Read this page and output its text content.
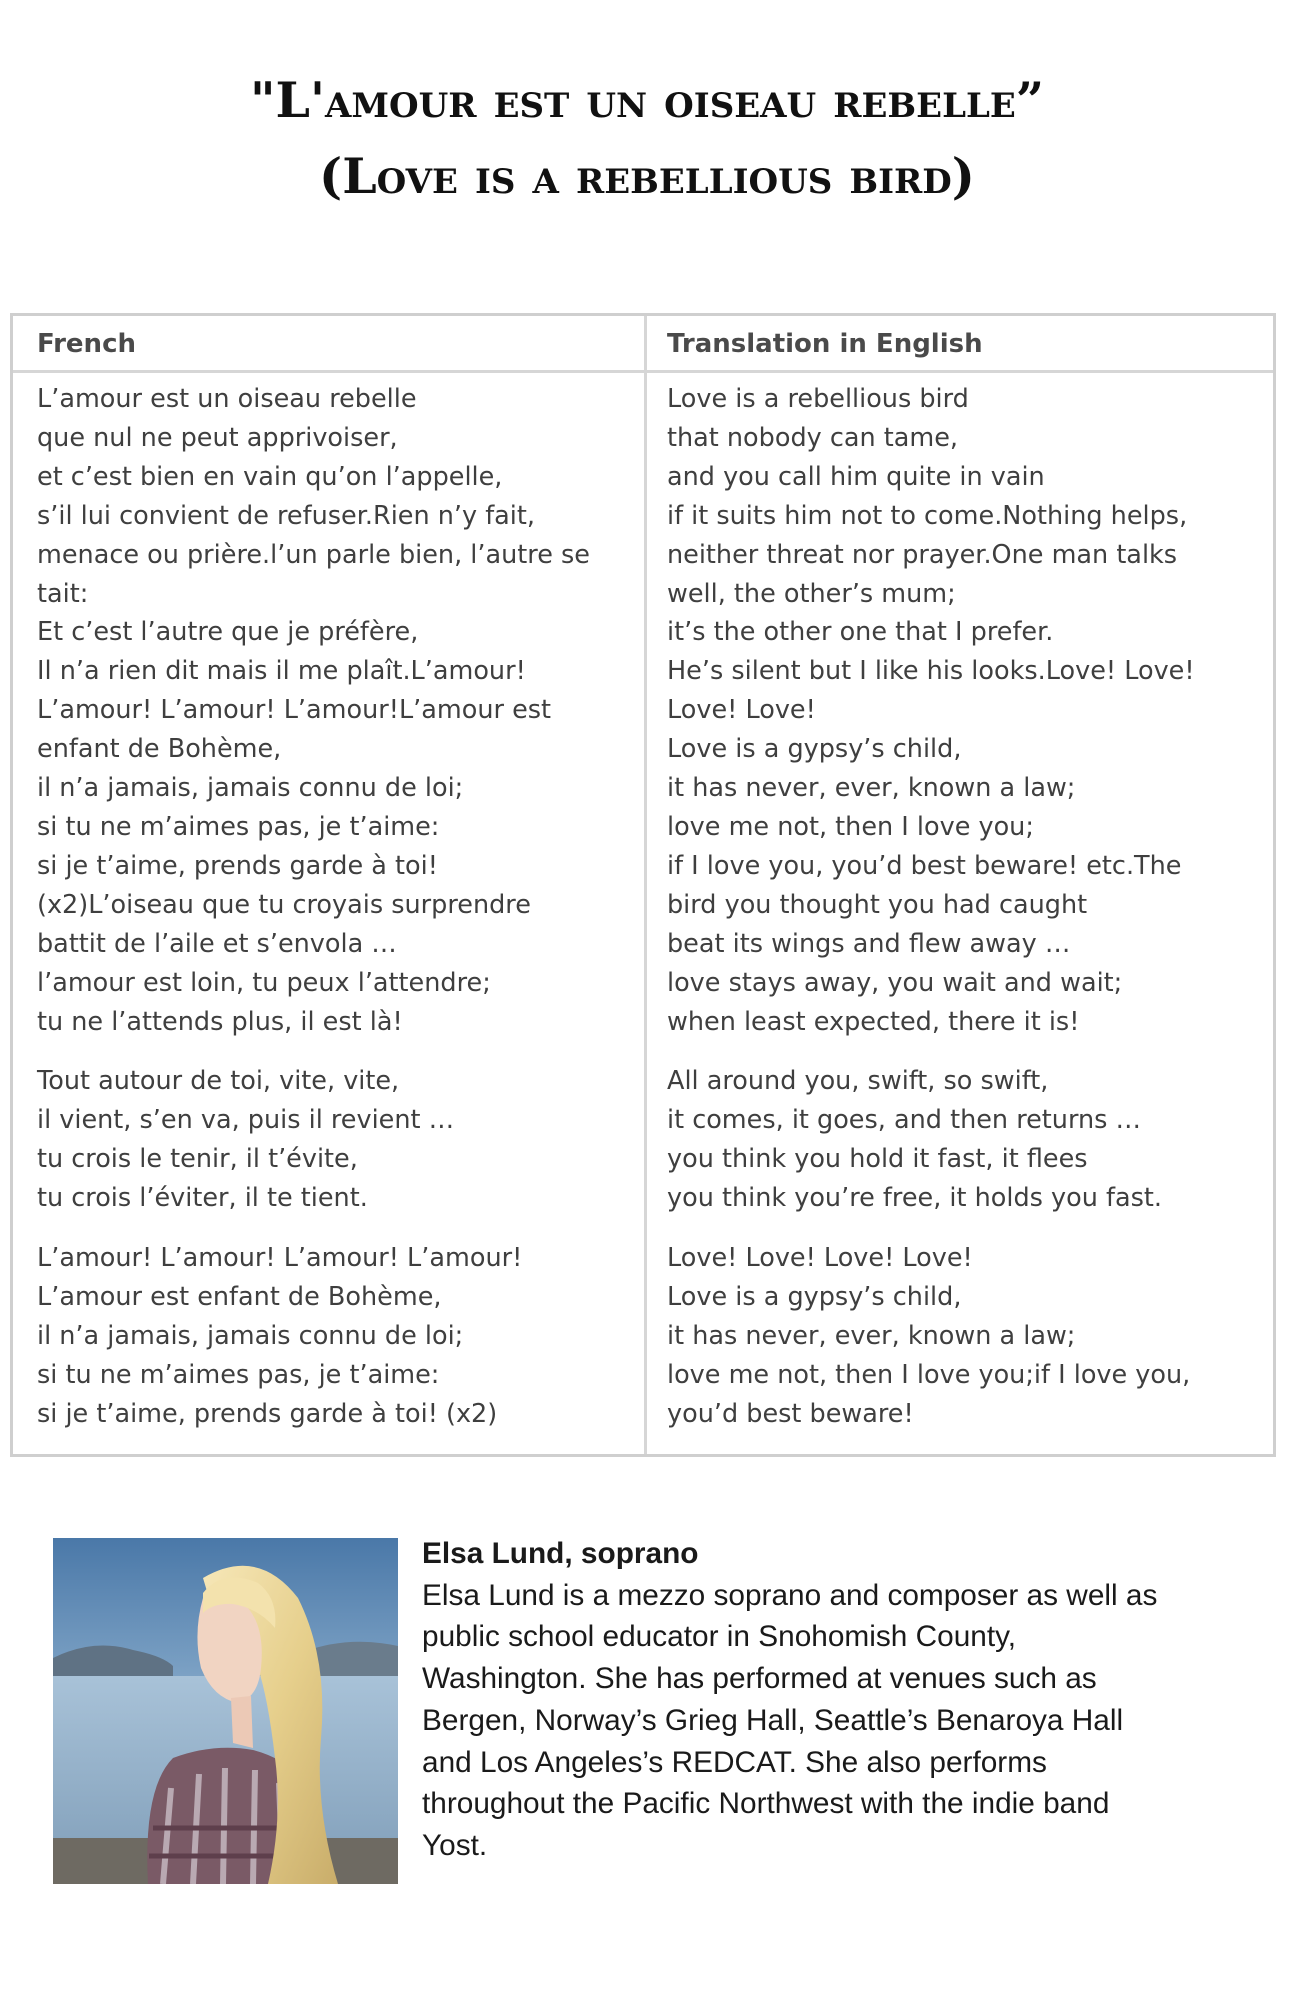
"L'amour est un oiseau rebelle”
(Love is a rebellious bird)
French	Translation in English
L’amour est un oiseau rebelle
que nul ne peut apprivoiser,
et c’est bien en vain qu’on l’appelle,
s’il lui convient de refuser.Rien n’y fait,
menace ou prière.l’un parle bien, l’autre se
tait:
Et c’est l’autre que je préfère,
Il n’a rien dit mais il me plaît.L’amour!
L’amour! L’amour! L’amour!L’amour est
enfant de Bohème,
il n’a jamais, jamais connu de loi;
si tu ne m’aimes pas, je t’aime:
si je t’aime, prends garde à toi!
(x2)L’oiseau que tu croyais surprendre
battit de l’aile et s’envola …
l’amour est loin, tu peux l’attendre;
tu ne l’attends plus, il est là!
Tout autour de toi, vite, vite,
il vient, s’en va, puis il revient …
tu crois le tenir, il t’évite,
tu crois l’éviter, il te tient.
L’amour! L’amour! L’amour! L’amour!
L’amour est enfant de Bohème,
il n’a jamais, jamais connu de loi;
si tu ne m’aimes pas, je t’aime:
si je t’aime, prends garde à toi! (x2)
Love is a rebellious bird
that nobody can tame,
and you call him quite in vain
if it suits him not to come.Nothing helps,
neither threat nor prayer.One man talks
well, the other’s mum;
it’s the other one that I prefer.
He’s silent but I like his looks.Love! Love!
Love! Love!
Love is a gypsy’s child,
it has never, ever, known a law;
love me not, then I love you;
if I love you, you’d best beware! etc.The
bird you thought you had caught
beat its wings and flew away …
love stays away, you wait and wait;
when least expected, there it is!
All around you, swift, so swift,
it comes, it goes, and then returns …
you think you hold it fast, it flees
you think you’re free, it holds you fast.
Love! Love! Love! Love!
Love is a gypsy’s child,
it has never, ever, known a law;
love me not, then I love you;if I love you,
you’d best beware!
Elsa Lund, soprano
Elsa Lund is a mezzo soprano and composer as well as
public school educator in Snohomish County,
Washington. She has performed at venues such as
Bergen, Norway’s Grieg Hall, Seattle’s Benaroya Hall
and Los Angeles’s REDCAT. She also performs
throughout the Pacific Northwest with the indie band
Yost.
